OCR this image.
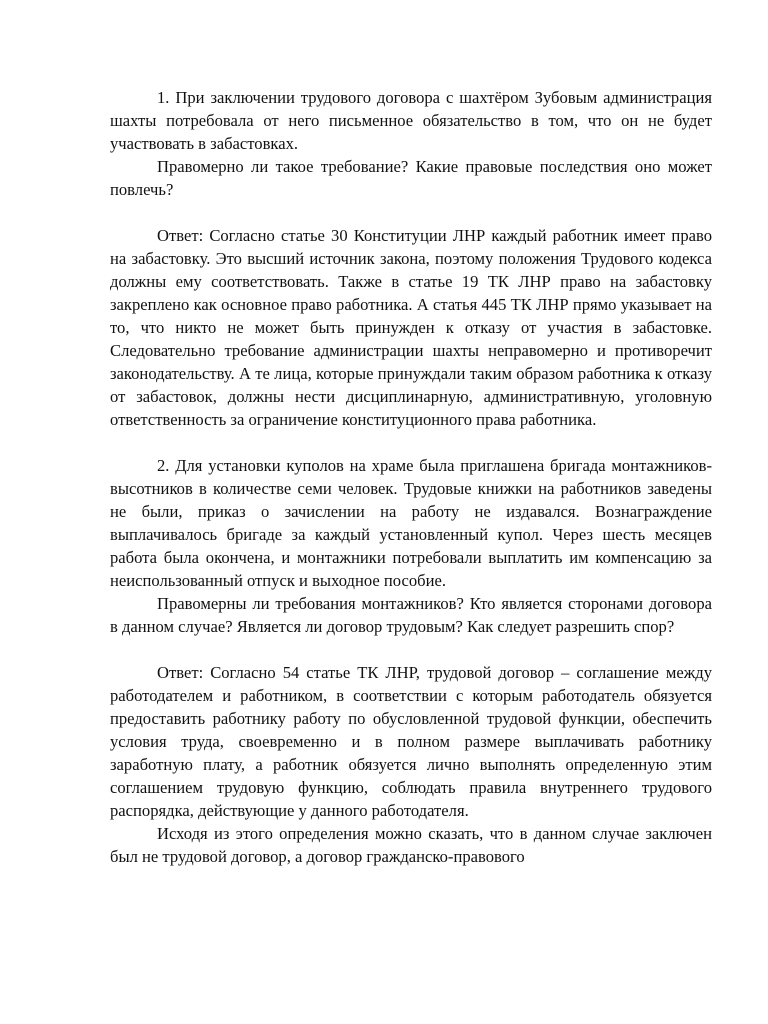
1. При заключении трудового договора с шахтёром Зубовым администрация шахты потребовала от него письменное обязательство в том, что он не будет участвовать в забастовках.

Правомерно ли такое требование? Какие правовые последствия оно может повлечь?

Ответ: Согласно статье 30 Конституции ЛНР каждый работник имеет право на забастовку. Это высший источник закона, поэтому положения Трудового кодекса должны ему соответствовать. Также в статье 19 ТК ЛНР право на забастовку закреплено как основное право работника. А статья 445 ТК ЛНР прямо указывает на то, что никто не может быть принужден к отказу от участия в забастовке. Следовательно требование администрации шахты неправомерно и противоречит законодательству. А те лица, которые принуждали таким образом работника к отказу от забастовок, должны нести дисциплинарную, административную, уголовную ответственность за ограничение конституционного права работника.

2. Для установки куполов на храме была приглашена бригада монтажников-высотников в количестве семи человек. Трудовые книжки на работников заведены не были, приказ о зачислении на работу не издавался. Вознаграждение выплачивалось бригаде за каждый установленный купол. Через шесть месяцев работа была окончена, и монтажники потребовали выплатить им компенсацию за неиспользованный отпуск и выходное пособие.

Правомерны ли требования монтажников? Кто является сторонами договора в данном случае? Является ли договор трудовым? Как следует разрешить спор?

Ответ: Согласно 54 статье ТК ЛНР, трудовой договор – соглашение между работодателем и работником, в соответствии с которым работодатель обязуется предоставить работнику работу по обусловленной трудовой функции, обеспечить условия труда, своевременно и в полном размере выплачивать работнику заработную плату, а работник обязуется лично выполнять определенную этим соглашением трудовую функцию, соблюдать правила внутреннего трудового распорядка, действующие у данного работодателя.

Исходя из этого определения можно сказать, что в данном случае заключен был не трудовой договор, а договор гражданско-правового
